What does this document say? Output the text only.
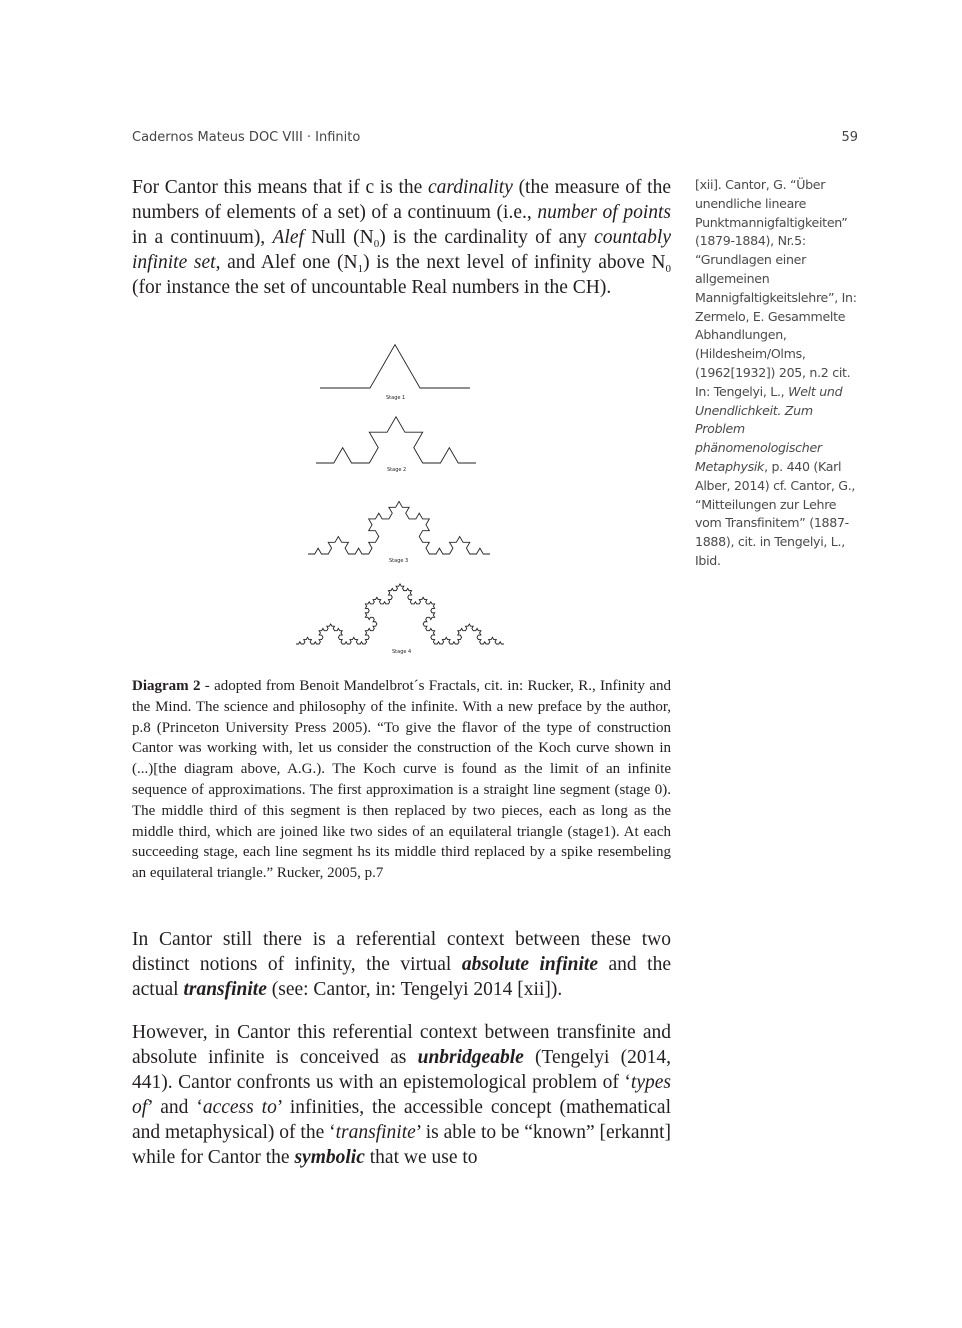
Cadernos Mateus DOC VIII · Infinito	59

For Cantor this means that if c is the cardinality (the measure of the numbers of elements of a set) of a continuum (i.e., number of points in a continuum), Alef Null $(N_0)$ is the cardinality of any countably infinite set, and Alef one $(N_1)$ is the next level of infinity above $N_0$ (for instance the set of uncountable Real numbers in the CH).

Stage 1
Stage 2
Stage 3
Stage 4

Diagram 2 - adopted from Benoit Mandelbrot´s Fractals, cit. in: Rucker, R., Infinity and the Mind. The science and philosophy of the infinite. With a new preface by the author, p.8 (Princeton University Press 2005). “To give the flavor of the type of construction Cantor was working with, let us consider the construction of the Koch curve shown in (...)[the diagram above, A.G.). The Koch curve is found as the limit of an infinite sequence of approximations. The first approximation is a straight line segment (stage 0). The middle third of this segment is then replaced by two pieces, each as long as the middle third, which are joined like two sides of an equilateral triangle (stage1). At each succeeding stage, each line segment hs its middle third replaced by a spike resembeling an equilateral triangle.” Rucker, 2005, p.7

In Cantor still there is a referential context between these two distinct notions of infinity, the virtual absolute infinite and the actual transfinite (see: Cantor, in: Tengelyi 2014 [xii]).

However, in Cantor this referential context between transfinite and absolute infinite is conceived as unbridgeable (Tengelyi (2014, 441). Cantor confronts us with an epistemological problem of ‘types of’ and ‘access to’ infinities, the accessible concept (mathematical and metaphysical) of the ‘transfinite’ is able to be “known” [erkannt] while for Cantor the symbolic that we use to

[xii]. Cantor, G. “Über unendliche lineare Punktmannigfaltigkeiten” (1879-1884), Nr.5: “Grundlagen einer allgemeinen Mannigfaltigkeitslehre”, In: Zermelo, E. Gesammelte Abhandlungen, (Hildesheim/Olms, (1962[1932]) 205, n.2 cit. In: Tengelyi, L., Welt und Unendlichkeit. Zum Problem phänomenologischer Metaphysik, p. 440 (Karl Alber, 2014) cf. Cantor, G., “Mitteilungen zur Lehre vom Transfinitem” (1887-1888), cit. in Tengelyi, L., Ibid.
